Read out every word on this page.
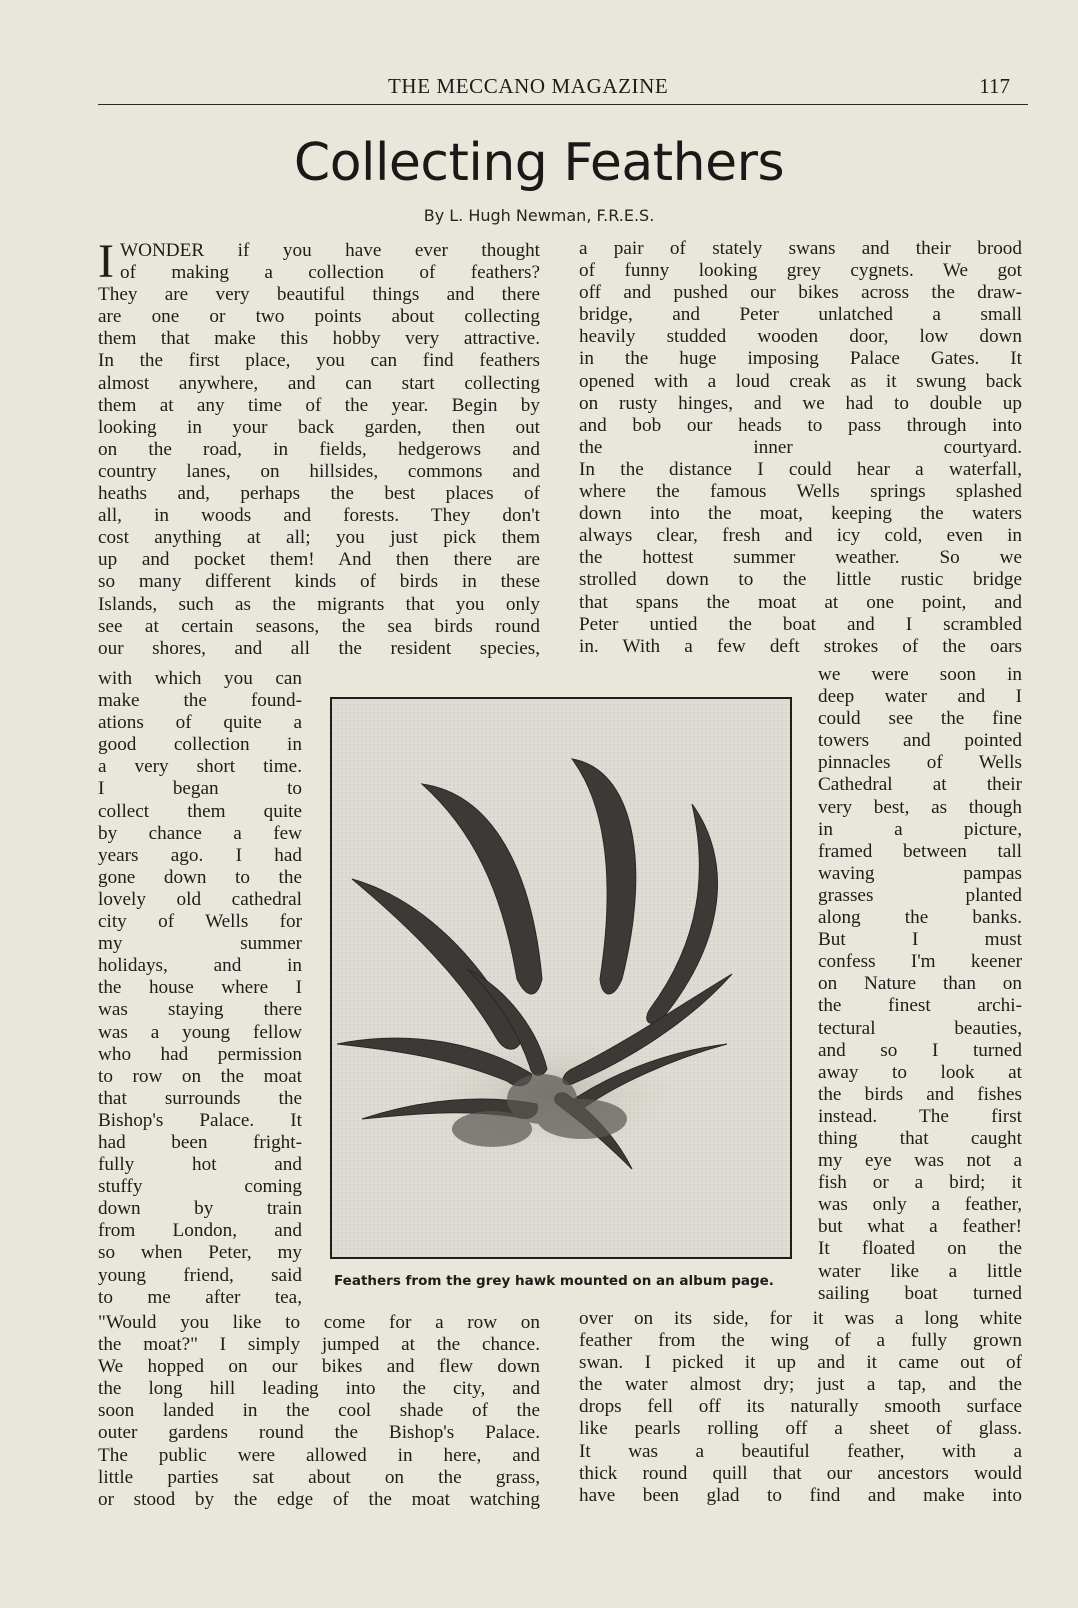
THE MECCANO MAGAZINE	117
Collecting Feathers
By L. Hugh Newman, F.R.E.S.
I WONDER if you have ever thought

of making a collection of feathers?

They are very beautiful things and there

are one or two points about collecting

them that make this hobby very attractive.

In the first place, you can find feathers

almost anywhere, and can start collecting

them at any time of the year. Begin by

looking in your back garden, then out

on the road, in fields, hedgerows and

country lanes, on hillsides, commons and

heaths and, perhaps the best places of

all, in woods and forests. They don't

cost anything at all; you just pick them

up and pocket them! And then there are

so many different kinds of birds in these

Islands, such as the migrants that you only

see at certain seasons, the sea birds round

our shores, and all the resident species,

with which you can

make the found-

ations of quite a

good collection in

a very short time.

I began to

collect them quite

by chance a few

years ago. I had

gone down to the

lovely old cathedral

city of Wells for

my summer

holidays, and in

the house where I

was staying there

was a young fellow

who had permission

to row on the moat

that surrounds the

Bishop's Palace. It

had been fright-

fully hot and

stuffy coming

down by train

from London, and

so when Peter, my

young friend, said

to me after tea,

"Would you like to come for a row on

the moat?" I simply jumped at the chance.

We hopped on our bikes and flew down

the long hill leading into the city, and

soon landed in the cool shade of the

outer gardens round the Bishop's Palace.

The public were allowed in here, and

little parties sat about on the grass,

or stood by the edge of the moat watching

a pair of stately swans and their brood

of funny looking grey cygnets. We got

off and pushed our bikes across the draw-

bridge, and Peter unlatched a small

heavily studded wooden door, low down

in the huge imposing Palace Gates. It

opened with a loud creak as it swung back

on rusty hinges, and we had to double up

and bob our heads to pass through into

the inner courtyard.

In the distance I could hear a waterfall,

where the famous Wells springs splashed

down into the moat, keeping the waters

always clear, fresh and icy cold, even in

the hottest summer weather. So we

strolled down to the little rustic bridge

that spans the moat at one point, and

Peter untied the boat and I scrambled

in. With a few deft strokes of the oars

we were soon in

deep water and I

could see the fine

towers and pointed

pinnacles of Wells

Cathedral at their

very best, as though

in a picture,

framed between tall

waving pampas

grasses planted

along the banks.

But I must

confess I'm keener

on Nature than on

the finest archi-

tectural beauties,

and so I turned

away to look at

the birds and fishes

instead. The first

thing that caught

my eye was not a

fish or a bird; it

was only a feather,

but what a feather!

It floated on the

water like a little

sailing boat turned

over on its side, for it was a long white

feather from the wing of a fully grown

swan. I picked it up and it came out of

the water almost dry; just a tap, and the

drops fell off its naturally smooth surface

like pearls rolling off a sheet of glass.

It was a beautiful feather, with a

thick round quill that our ancestors would

have been glad to find and make into

Feathers from the grey hawk mounted on an album page.
